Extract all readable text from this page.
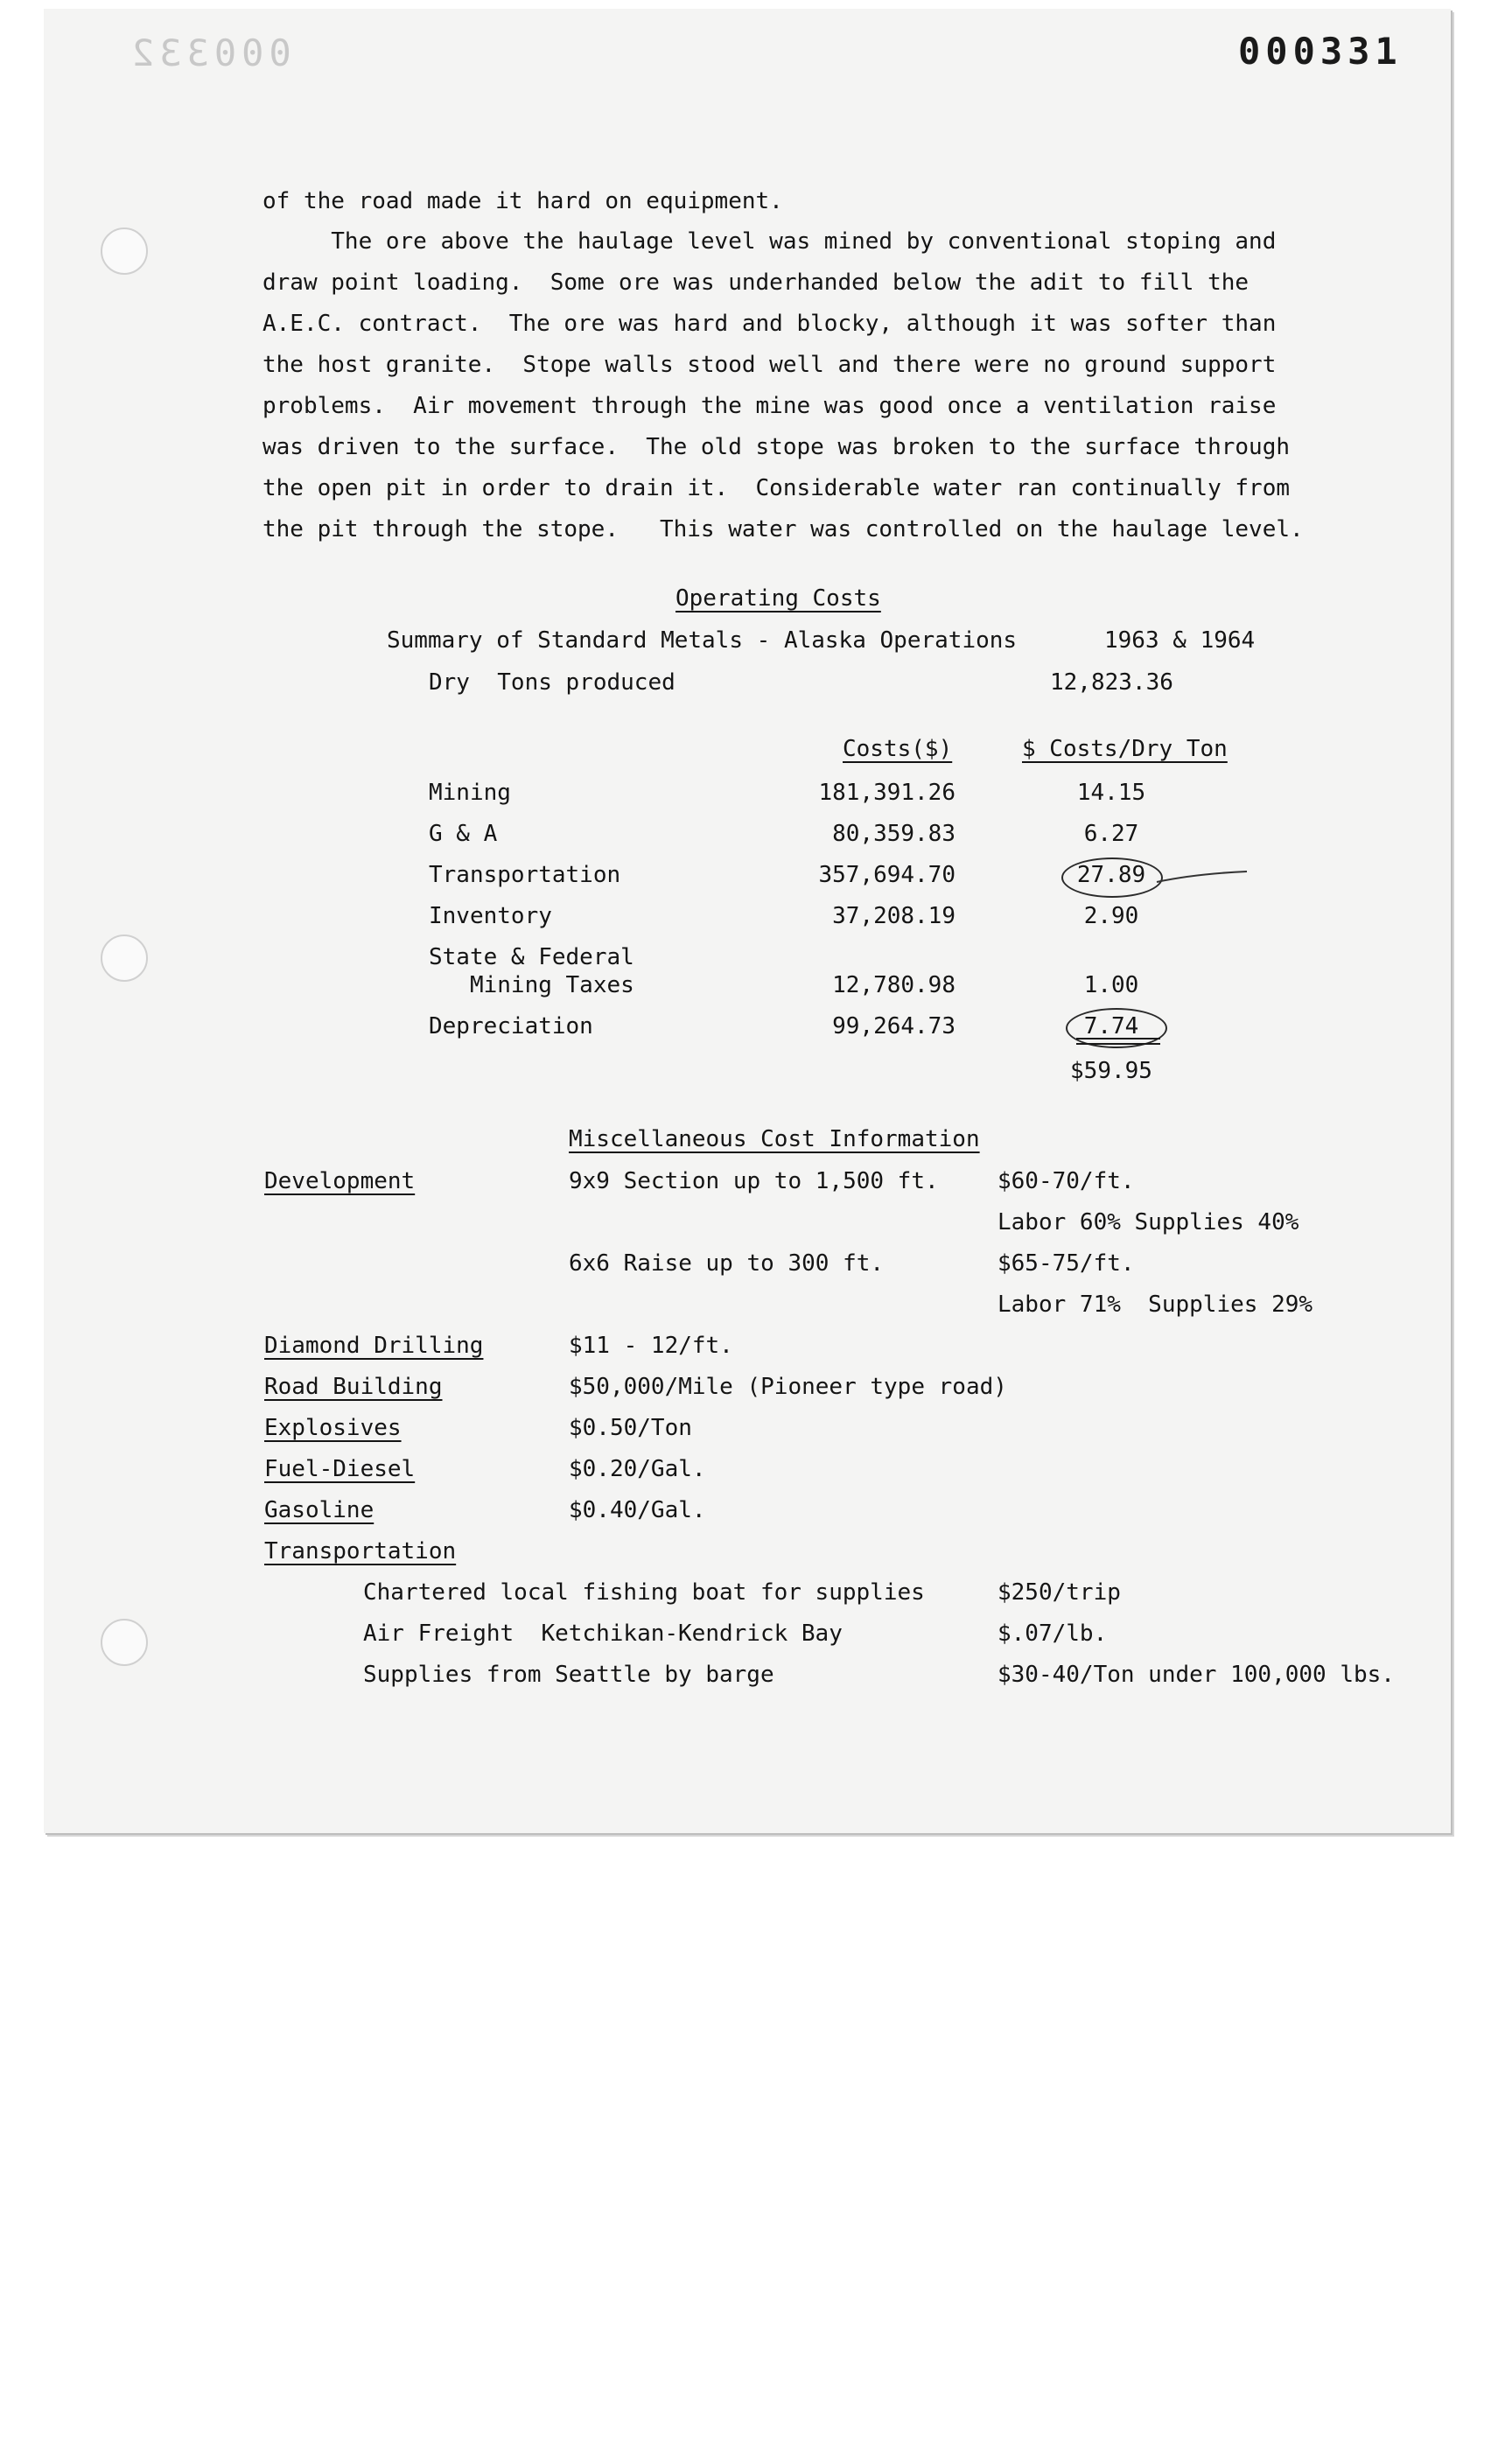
000332	000331
of the road made it hard on equipment.
The ore above the haulage level was mined by conventional stoping and
draw point loading.  Some ore was underhanded below the adit to fill the
A.E.C. contract.  The ore was hard and blocky, although it was softer than
the host granite.  Stope walls stood well and there were no ground support
problems.  Air movement through the mine was good once a ventilation raise
was driven to the surface.  The old stope was broken to the surface through
the open pit in order to drain it.  Considerable water ran continually from
the pit through the stope.   This water was controlled on the haulage level.
Operating Costs
Summary of Standard Metals - Alaska Operations	1963 & 1964
Dry  Tons produced	12,823.36
Costs($)	$ Costs/Dry Ton
Mining	181,391.26	14.15
G & A	80,359.83	6.27
Transportation	357,694.70	27.89
Inventory	37,208.19	2.90
State & Federal
Mining Taxes	12,780.98	1.00
Depreciation	99,264.73	7.74
$59.95
Miscellaneous Cost Information
Development	9x9 Section up to 1,500 ft.	$60-70/ft.
Labor 60% Supplies 40%
6x6 Raise up to 300 ft.	$65-75/ft.
Labor 71%  Supplies 29%
Diamond Drilling	$11 - 12/ft.
Road Building	$50,000/Mile (Pioneer type road)
Explosives	$0.50/Ton
Fuel-Diesel	$0.20/Gal.
Gasoline	$0.40/Gal.
Transportation
Chartered local fishing boat for supplies	$250/trip
Air Freight  Ketchikan-Kendrick Bay	$.07/lb.
Supplies from Seattle by barge	$30-40/Ton under 100,000 lbs.
